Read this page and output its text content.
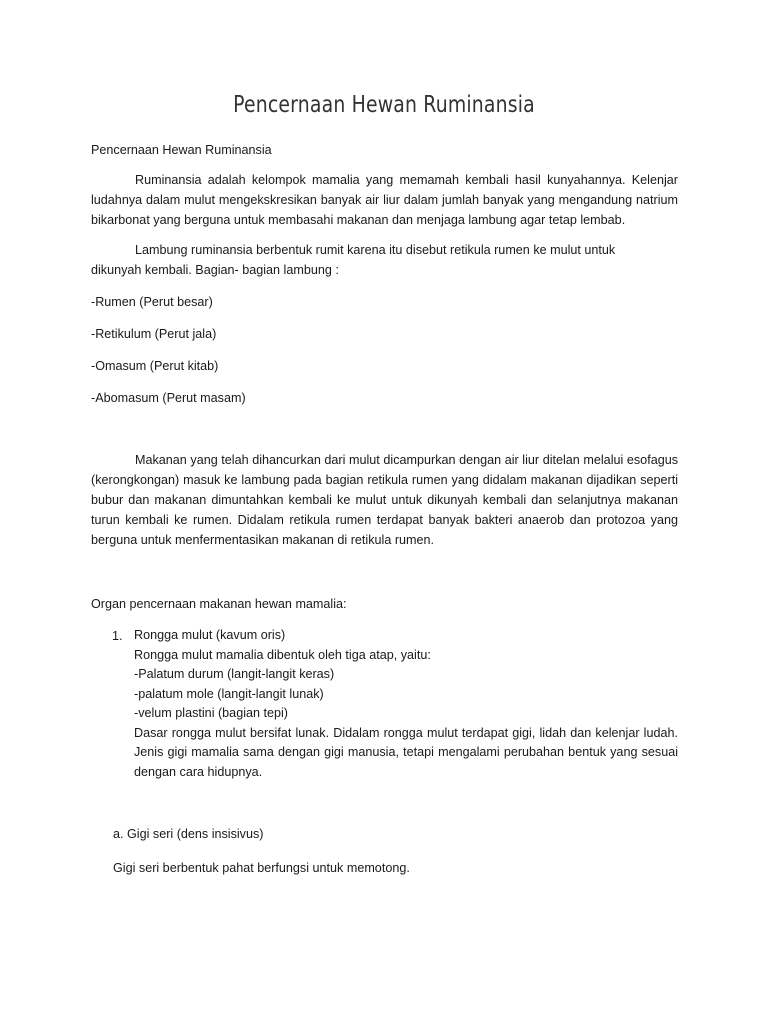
Pencernaan Hewan Ruminansia
Pencernaan Hewan Ruminansia
Ruminansia adalah kelompok mamalia yang memamah kembali hasil kunyahannya. Kelenjar ludahnya dalam mulut mengekskresikan banyak air liur dalam jumlah banyak yang mengandung natrium bikarbonat yang berguna untuk membasahi makanan dan menjaga lambung agar tetap lembab.
Lambung ruminansia berbentuk rumit karena itu disebut retikula rumen ke mulut untuk dikunyah kembali. Bagian- bagian lambung :
-Rumen (Perut besar)
-Retikulum (Perut jala)
-Omasum (Perut kitab)
-Abomasum (Perut masam)
Makanan yang telah dihancurkan dari mulut dicampurkan dengan air liur ditelan melalui esofagus (kerongkongan) masuk ke lambung pada bagian retikula rumen yang didalam makanan dijadikan seperti bubur dan makanan dimuntahkan kembali ke mulut untuk dikunyah kembali dan selanjutnya makanan turun kembali ke rumen. Didalam retikula rumen terdapat banyak bakteri anaerob dan protozoa yang berguna untuk menfermentasikan makanan di retikula rumen.
Organ pencernaan makanan hewan mamalia:
1. Rongga mulut (kavum oris)
Rongga mulut mamalia dibentuk oleh tiga atap, yaitu:
-Palatum durum (langit-langit keras)
-palatum mole (langit-langit lunak)
-velum plastini (bagian tepi)
Dasar rongga mulut bersifat lunak. Didalam rongga mulut terdapat gigi, lidah dan kelenjar ludah. Jenis gigi mamalia sama dengan gigi manusia, tetapi mengalami perubahan bentuk yang sesuai dengan cara hidupnya.
a. Gigi seri (dens insisivus)
Gigi seri berbentuk pahat berfungsi untuk memotong.
